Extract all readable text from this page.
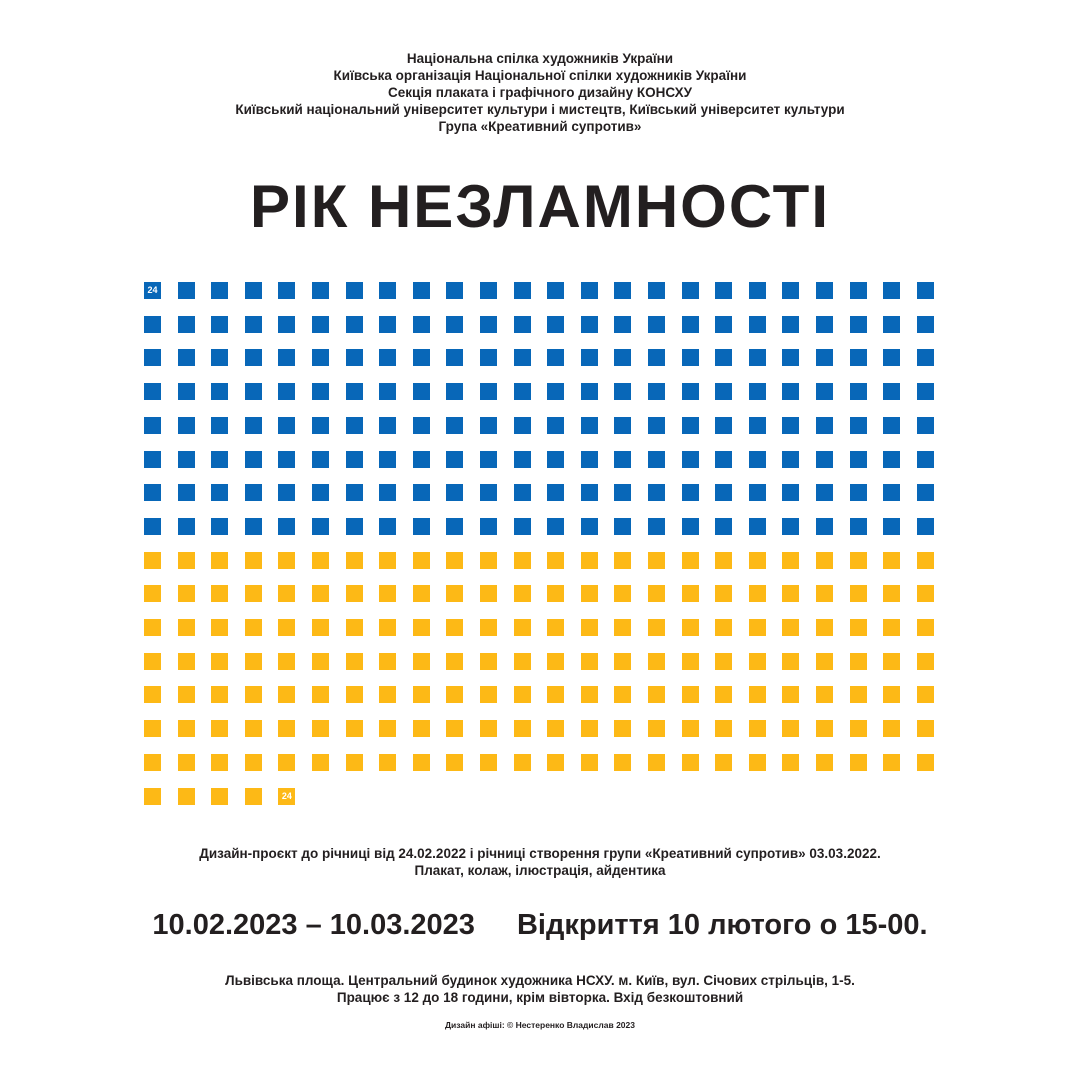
Національна спілка художників України
Київська організація Національної спілки художників України
Секція плаката і графічного дизайну КОНСХУ
Київський національний університет культури і мистецтв, Київський університет культури
Група «Креативний супротив»
РІК НЕЗЛАМНОСТІ
24
24
Дизайн-проєкт до річниці від 24.02.2022 і річниці створення групи «Креативний супротив» 03.03.2022.
Плакат, колаж, ілюстрація, айдентика
10.02.2023 – 10.03.2023 Відкриття 10 лютого о 15-00.
Львівська площа. Центральний будинок художника НСХУ. м. Київ, вул. Січових стрільців, 1-5.
Працює з 12 до 18 години, крім вівторка. Вхід безкоштовний
Дизайн афіші: © Нестеренко Владислав 2023
